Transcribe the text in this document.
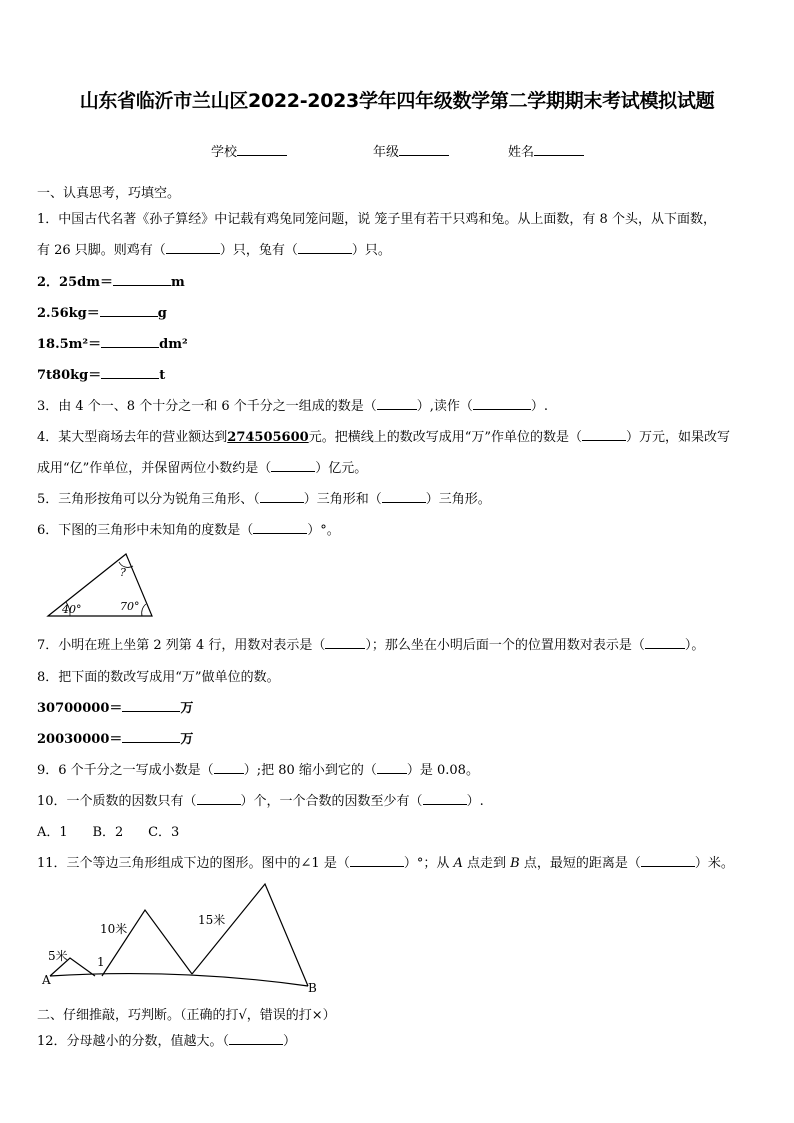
山东省临沂市兰山区2022-2023学年四年级数学第二学期期末考试模拟试题
学校	年级	姓名
一、认真思考，巧填空。
1．中国古代名著《孙子算经》中记载有鸡兔同笼问题，说 笼子里有若干只鸡和兔。从上面数，有 8 个头，从下面数，
有 26 只脚。则鸡有（	）只，兔有（	）只。
2．25dm＝	m
2.56kg＝	g
18.5m²＝	dm²
7t80kg＝	t
3．由 4 个一、8 个十分之一和 6 个千分之一组成的数是（	）,读作（	）.
4．某大型商场去年的营业额达到274505600元。把横线上的数改写成用“万”作单位的数是（	）万元，如果改写
成用“亿”作单位，并保留两位小数约是（	）亿元。
5．三角形按角可以分为锐角三角形、（	）三角形和（	）三角形。
6．下图的三角形中未知角的度数是（	）°。
40°	70°
?
7．小明在班上坐第 2 列第 4 行，用数对表示是（	）；那么坐在小明后面一个的位置用数对表示是（	）。
8．把下面的数改写成用“万”做单位的数。
30700000＝	万
20030000＝	万
9．6 个千分之一写成小数是（ ）;把 80 缩小到它的（ ）是 0.08。
10．一个质数的因数只有（	）个，一个合数的因数至少有（	）.
A．1      B．2      C．3
11．三个等边三角形组成下边的图形。图中的∠1 是（	）°；从 A 点走到 B 点，最短的距离是（	）米。
5米
10米
15米
1
A
B
二、仔细推敲，巧判断。（正确的打√，错误的打×）
12．分母越小的分数，值越大。（	）
